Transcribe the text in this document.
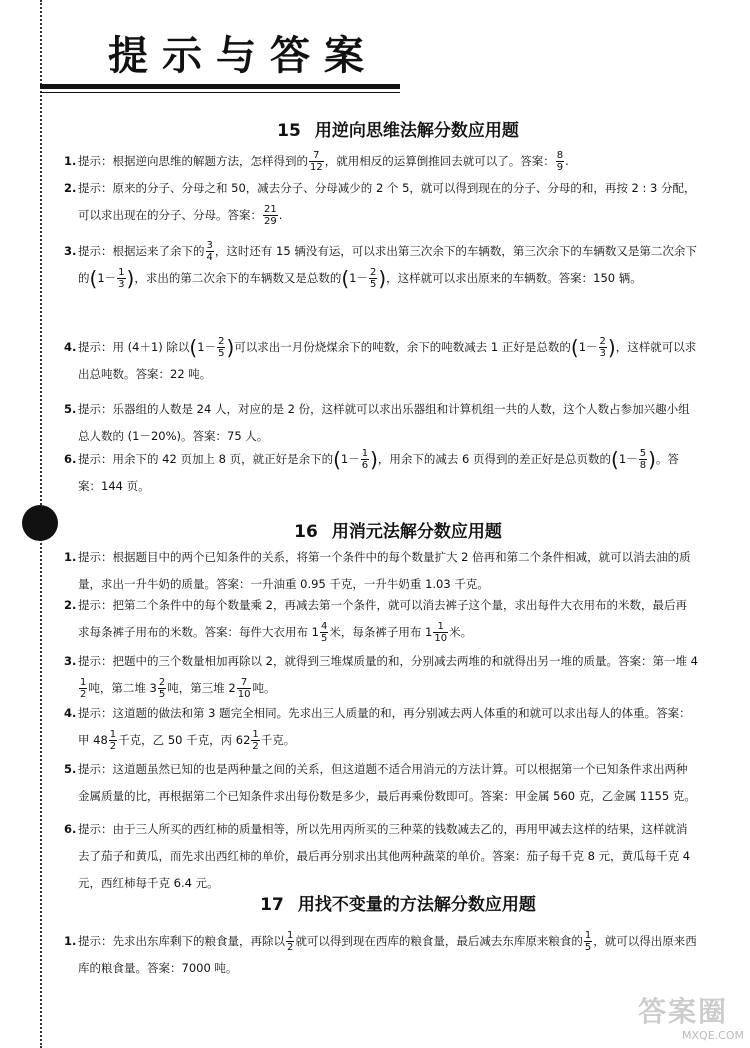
提示与答案
15 用逆向思维法解分数应用题
1. 提示：根据逆向思维的解题方法，怎样得到的 $\frac{7}{12}$ ，就用相反的运算倒推回去就可以了。答案： $\frac{8}{9}$ .
2. 提示：原来的分子、分母之和 50，减去分子、分母减少的 2 个 5，就可以得到现在的分子、分母的和，再按 2 : 3 分配，可以求出现在的分子、分母。答案： $\frac{21}{29}$ .
3. 提示：根据运来了余下的 $\frac{3}{4}$ ，这时还有 15 辆没有运，可以求出第三次余下的车辆数，第三次余下的车辆数又是第二次余下的($1- \frac{1}{3}$ )，求出的第二次余下的车辆数又是总数的($1- \frac{2}{5}$ )，这样就可以求出原来的车辆数。答案：150 辆。
4. 提示：用 (4＋1) 除以($1- \frac{2}{5}$ )可以求出一月份烧煤余下的吨数，余下的吨数减去 1 正好是总数的($1- \frac{2}{3}$ )，这样就可以求出总吨数。答案：22 吨。
5. 提示：乐器组的人数是 24 人，对应的是 2 份，这样就可以求出乐器组和计算机组一共的人数，这个人数占参加兴趣小组总人数的 (1－20%)。答案：75 人。
6. 提示：用余下的 42 页加上 8 页，就正好是余下的($1- \frac{1}{6}$ )，用余下的减去 6 页得到的差正好是总页数的($1- \frac{5}{8}$ )。答案：144 页。
16 用消元法解分数应用题
1. 提示：根据题目中的两个已知条件的关系，将第一个条件中的每个数量扩大 2 倍再和第二个条件相减，就可以消去油的质量，求出一升牛奶的质量。答案：一升油重 0.95 千克，一升牛奶重 1.03 千克。
2. 提示：把第二个条件中的每个数量乘 2，再减去第一个条件，就可以消去裤子这个量，求出每件大衣用布的米数，最后再求每条裤子用布的米数。答案：每件大衣用布 $1 \frac{4}{5}$ 米，每条裤子用布 $1 \frac{1}{10}$ 米。
3. 提示：把题中的三个数量相加再除以 2，就得到三堆煤质量的和，分别减去两堆的和就得出另一堆的质量。答案：第一堆 4
$\frac{1}{2}$ 吨，第二堆 $3 \frac{2}{5}$ 吨，第三堆 $2 \frac{7}{10}$ 吨。
4. 提示：这道题的做法和第 3 题完全相同。先求出三人质量的和，再分别减去两人体重的和就可以求出每人的体重。答案：甲 $48 \frac{1}{2}$ 千克，乙 50 千克，丙 $62 \frac{1}{2}$ 千克。
5. 提示：这道题虽然已知的也是两种量之间的关系，但这道题不适合用消元的方法计算。可以根据第一个已知条件求出两种金属质量的比，再根据第二个已知条件求出每份数是多少，最后再乘份数即可。答案：甲金属 560 克，乙金属 1155 克。
6. 提示：由于三人所买的西红柿的质量相等，所以先用丙所买的三种菜的钱数减去乙的，再用甲减去这样的结果，这样就消去了茄子和黄瓜，而先求出西红柿的单价，最后再分别求出其他两种蔬菜的单价。答案：茄子每千克 8 元，黄瓜每千克 4 元，西红柿每千克 6.4 元。
17 用找不变量的方法解分数应用题
1. 提示：先求出东库剩下的粮食量，再除以 $\frac{1}{2}$ 就可以得到现在西库的粮食量，最后减去东库原来粮食的 $\frac{1}{5}$ ，就可以得出原来西库的粮食量。答案：7000 吨。
答案圈
MXQE.COM
